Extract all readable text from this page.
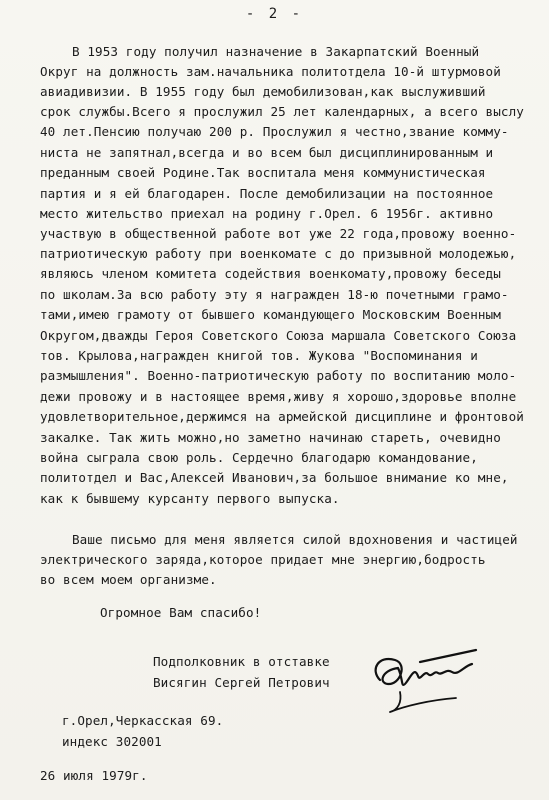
- 2 -
В 1953 году получил назначение в Закарпатский Военный
Округ на должность зам.начальника политотдела 10-й штурмовой
авиадивизии. В 1955 году был демобилизован,как выслуживший
срок службы.Всего я прослужил 25 лет календарных, а всего выслу
40 лет.Пенсию получаю 200 р. Прослужил я честно,звание комму-
ниста не запятнал,всегда и во всем был дисциплинированным и
преданным своей Родине.Так воспитала меня коммунистическая
партия и я ей благодарен. После демобилизации на постоянное
место жительство приехал на родину г.Орел. 6 1956г. активно
участвую в общественной работе вот уже 22 года,провожу военно-
патриотическую работу при военкомате с до призывной молодежью,
являюсь членом комитета содействия военкомату,провожу беседы
по школам.За всю работу эту я награжден 18-ю почетными грамо-
тами,имею грамоту от бывшего командующего Московским Военным
Округом,дважды Героя Советского Союза маршала Советского Союза
тов. Крылова,награжден книгой тов. Жукова "Воспоминания и
размышления". Военно-патриотическую работу по воспитанию моло-
дежи провожу и в настоящее время,живу я хорошо,здоровье вполне
удовлетворительное,держимся на армейской дисциплине и фронтовой
закалке. Так жить можно,но заметно начинаю стареть, очевидно
война сыграла свою роль. Сердечно благодарю командование,
политотдел и Вас,Алексей Иванович,за большое внимание ко мне,
как к бывшему курсанту первого выпуска.
Ваше письмо для меня является силой вдохновения и частицей
электрического заряда,которое придает мне энергию,бодрость
во всем моем организме.
Огромное Вам спасибо!
Подполковник в отставке
Висягин Сергей Петрович
г.Орел,Черкасская 69.
индекс 302001
26 июля 1979г.
